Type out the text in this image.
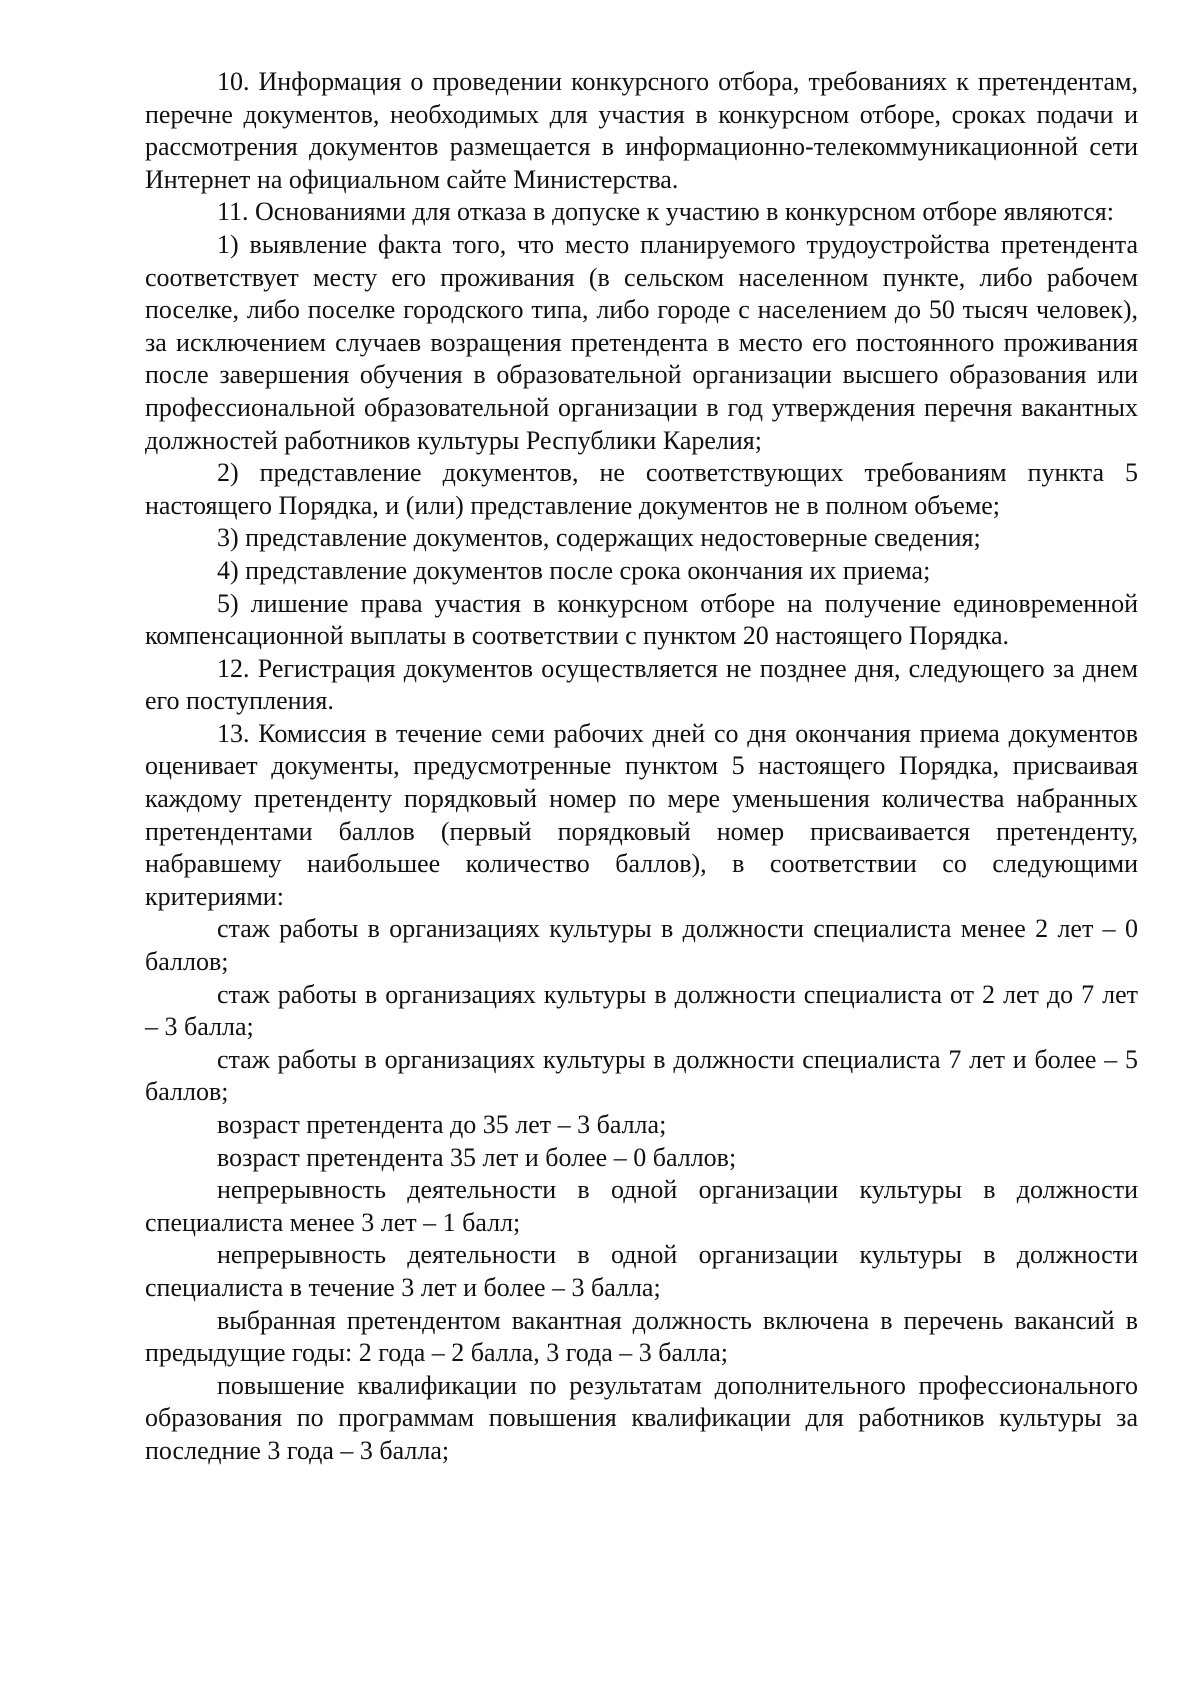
10. Информация о проведении конкурсного отбора, требованиях к претендентам, перечне документов, необходимых для участия в конкурсном отборе, сроках подачи и рассмотрения документов размещается в информационно-телекоммуникационной сети Интернет на официальном сайте Министерства.

11. Основаниями для отказа в допуске к участию в конкурсном отборе являются:

1) выявление факта того, что место планируемого трудоустройства претендента соответствует месту его проживания (в сельском населенном пункте, либо рабочем поселке, либо поселке городского типа, либо городе с населением до 50 тысяч человек), за исключением случаев возращения претендента в место его постоянного проживания после завершения обучения в образовательной организации высшего образования или профессиональной образовательной организации в год утверждения перечня вакантных должностей работников культуры Республики Карелия;

2) представление документов, не соответствующих требованиям пункта 5 настоящего Порядка, и (или) представление документов не в полном объеме;

3) представление документов, содержащих недостоверные сведения;

4) представление документов после срока окончания их приема;

5) лишение права участия в конкурсном отборе на получение единовременной компенсационной выплаты в соответствии с пунктом 20 настоящего Порядка.

12. Регистрация документов осуществляется не позднее дня, следующего за днем его поступления.

13. Комиссия в течение семи рабочих дней со дня окончания приема документов оценивает документы, предусмотренные пунктом 5 настоящего Порядка, присваивая каждому претенденту порядковый номер по мере уменьшения количества набранных претендентами баллов (первый порядковый номер присваивается претенденту, набравшему наибольшее количество баллов), в соответствии со следующими критериями:

стаж работы в организациях культуры в должности специалиста менее 2 лет – 0 баллов;

стаж работы в организациях культуры в должности специалиста от 2 лет до 7 лет – 3 балла;

стаж работы в организациях культуры в должности специалиста 7 лет и более – 5 баллов;

возраст претендента до 35 лет – 3 балла;

возраст претендента 35 лет и более – 0 баллов;

непрерывность деятельности в одной организации культуры в должности специалиста менее 3 лет – 1 балл;

непрерывность деятельности в одной организации культуры в должности специалиста в течение 3 лет и более – 3 балла;

выбранная претендентом вакантная должность включена в перечень вакансий в предыдущие годы: 2 года – 2 балла, 3 года – 3 балла;

повышение квалификации по результатам дополнительного профессионального образования по программам повышения квалификации для работников культуры за последние 3 года – 3 балла;
